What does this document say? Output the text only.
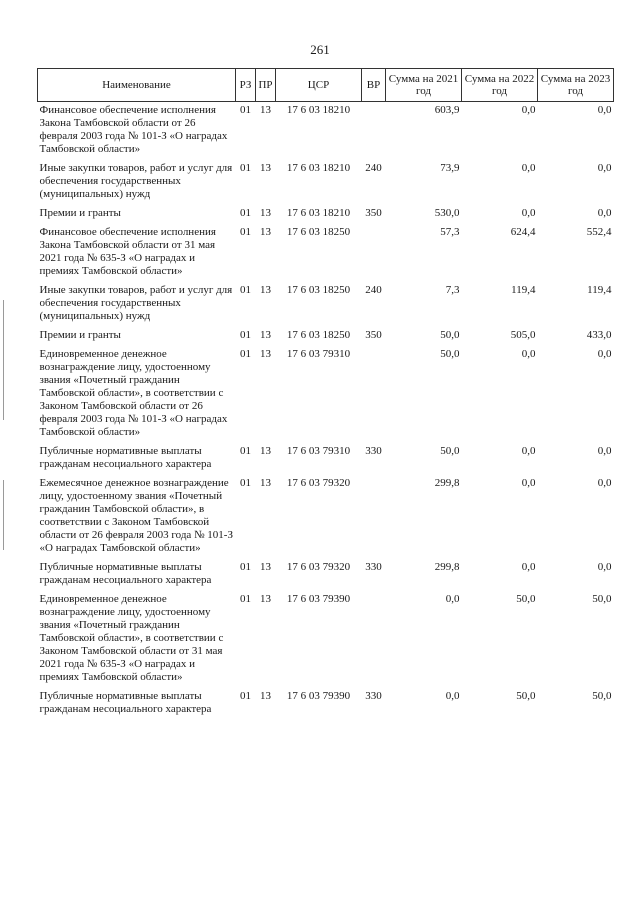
261
Наименование	РЗ	ПР	ЦСР	ВР	Сумма на 2021 год	Сумма на 2022 год	Сумма на 2023 год
Финансовое обеспечение исполнения Закона Тамбовской области от 26 февраля 2003 года № 101-З «О наградах Тамбовской области»	01	13	17 6 03 18210		603,9	0,0	0,0
Иные закупки товаров, работ и услуг для обеспечения государственных (муниципальных) нужд	01	13	17 6 03 18210	240	73,9	0,0	0,0
Премии и гранты	01	13	17 6 03 18210	350	530,0	0,0	0,0
Финансовое обеспечение исполнения Закона Тамбовской области от 31 мая 2021 года № 635-З «О наградах и премиях Тамбовской области»	01	13	17 6 03 18250		57,3	624,4	552,4
Иные закупки товаров, работ и услуг для обеспечения государственных (муниципальных) нужд	01	13	17 6 03 18250	240	7,3	119,4	119,4
Премии и гранты	01	13	17 6 03 18250	350	50,0	505,0	433,0
Единовременное денежное вознаграждение лицу, удостоенному звания «Почетный гражданин Тамбовской области», в соответствии с Законом Тамбовской области от 26 февраля 2003 года № 101-З «О наградах Тамбовской области»	01	13	17 6 03 79310		50,0	0,0	0,0
Публичные нормативные выплаты гражданам несоциального характера	01	13	17 6 03 79310	330	50,0	0,0	0,0
Ежемесячное денежное вознаграждение лицу, удостоенному звания «Почетный гражданин Тамбовской области», в соответствии с Законом Тамбовской области от 26 февраля 2003 года № 101-З «О наградах Тамбовской области»	01	13	17 6 03 79320		299,8	0,0	0,0
Публичные нормативные выплаты гражданам несоциального характера	01	13	17 6 03 79320	330	299,8	0,0	0,0
Единовременное денежное вознаграждение лицу, удостоенному звания «Почетный гражданин Тамбовской области», в соответствии с Законом Тамбовской области от 31 мая 2021 года № 635-З «О наградах и премиях Тамбовской области»	01	13	17 6 03 79390		0,0	50,0	50,0
Публичные нормативные выплаты гражданам несоциального характера	01	13	17 6 03 79390	330	0,0	50,0	50,0
